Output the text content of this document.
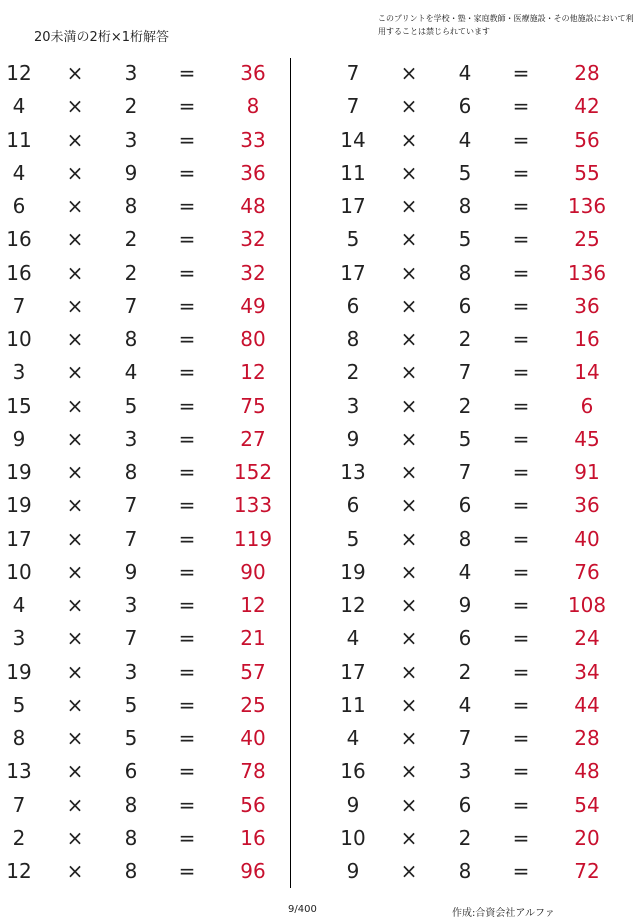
20未満の2桁×1桁解答
このプリントを学校・塾・家庭教師・医療施設・その他施設において利用することは禁じられています
12	×	3	=	36
4	×	2	=	8
11	×	3	=	33
4	×	9	=	36
6	×	8	=	48
16	×	2	=	32
16	×	2	=	32
7	×	7	=	49
10	×	8	=	80
3	×	4	=	12
15	×	5	=	75
9	×	3	=	27
19	×	8	=	152
19	×	7	=	133
17	×	7	=	119
10	×	9	=	90
4	×	3	=	12
3	×	7	=	21
19	×	3	=	57
5	×	5	=	25
8	×	5	=	40
13	×	6	=	78
7	×	8	=	56
2	×	8	=	16
12	×	8	=	96
7	×	4	=	28
7	×	6	=	42
14	×	4	=	56
11	×	5	=	55
17	×	8	=	136
5	×	5	=	25
17	×	8	=	136
6	×	6	=	36
8	×	2	=	16
2	×	7	=	14
3	×	2	=	6
9	×	5	=	45
13	×	7	=	91
6	×	6	=	36
5	×	8	=	40
19	×	4	=	76
12	×	9	=	108
4	×	6	=	24
17	×	2	=	34
11	×	4	=	44
4	×	7	=	28
16	×	3	=	48
9	×	6	=	54
10	×	2	=	20
9	×	8	=	72
9/400	作成:合資会社アルファ
